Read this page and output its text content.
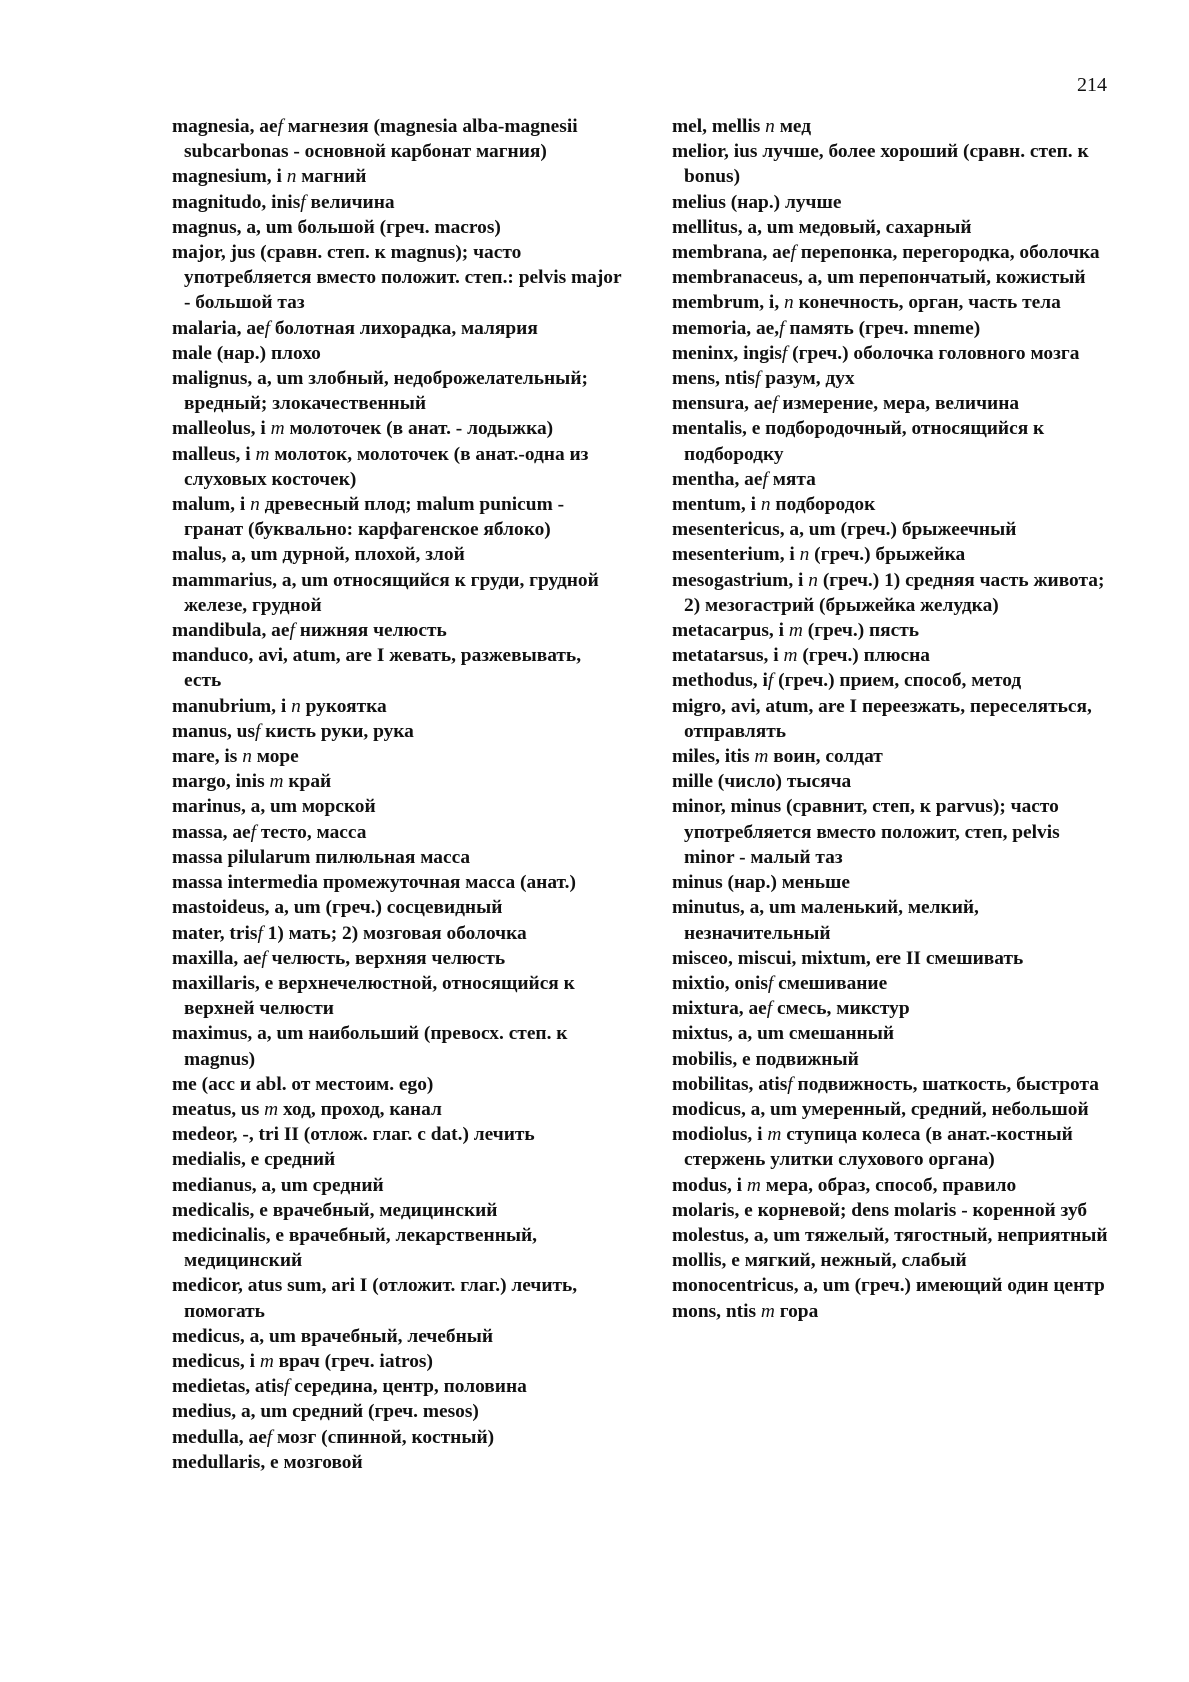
214
magnesia, aef магнезия (magnesia alba-magnesii subcarbonas - основной карбонат магния)
magnesium, i n магний
magnitudo, inisf величина
magnus, a, um большой (греч. macros)
major, jus (сравн. степ. к magnus); часто употребляется вместо положит. степ.: pelvis major - большой таз
malaria, aef болотная лихорадка, малярия
male (нар.) плохо
malignus, a, um злобный, недоброжелательный; вредный; злокачественный
malleolus, i m молоточек (в анат. - лодыжка)
malleus, i m молоток, молоточек (в анат.-одна из слуховых косточек)
malum, i n древесный плод; malum punicum - гранат (буквально: карфагенское яблоко)
malus, a, um дурной, плохой, злой
mammarius, a, um относящийся к груди, грудной железе, грудной
mandibula, aef нижняя челюсть
manduco, avi, atum, are I жевать, разжевывать, есть
manubrium, i n рукоятка
manus, usf кисть руки, рука
mare, is n море
margo, inis m край
marinus, a, um морской
massa, aef тесто, масса
massa pilularum пилюльная масса
massa intermedia промежуточная масса (анат.)
mastoideus, a, um (греч.) сосцевидный
mater, trisf 1) мать; 2) мозговая оболочка
maxilla, aef челюсть, верхняя челюсть
maxillaris, e верхнечелюстной, относящийся к верхней челюсти
maximus, a, um наибольший (превосх. степ. к magnus)
me (acc и abl. от местоим. ego)
meatus, us m ход, проход, канал
medeor, -, tri II (отлож. глаг. с dat.) лечить
medialis, e средний
medianus, a, um средний
medicalis, e врачебный, медицинский
medicinalis, e врачебный, лекарственный, медицинский
medicor, atus sum, ari I (отложит. глаг.) лечить, помогать
medicus, a, um врачебный, лечебный
medicus, i m врач (греч. iatros)
medietas, atisf середина, центр, половина
medius, a, um средний (греч. mesos)
medulla, aef мозг (спинной, костный)
medullaris, e мозговой
mel, mellis n мед
melior, ius лучше, более хороший (сравн. степ. к bonus)
melius (нар.) лучше
mellitus, a, um медовый, сахарный
membrana, aef перепонка, перегородка, оболочка
membranaceus, a, um перепончатый, кожистый
membrum, i, n конечность, орган, часть тела
memoria, ae,f память (греч. mneme)
meninx, ingisf (греч.) оболочка головного мозга
mens, ntisf разум, дух
mensura, aef измерение, мера, величина
mentalis, e подбородочный, относящийся к подбородку
mentha, aef мята
mentum, i n подбородок
mesentericus, a, um (греч.) брыжеечный
mesenterium, i n (греч.) брыжейка
mesogastrium, i n (греч.) 1) средняя часть живота; 2) мезогастрий (брыжейка желудка)
metacarpus, i m (греч.) пясть
metatarsus, i m (греч.) плюсна
methodus, if (греч.) прием, способ, метод
migro, avi, atum, are I переезжать, переселяться, отправлять
miles, itis m воин, солдат
mille (число) тысяча
minor, minus (сравнит, степ, к parvus); часто употребляется вместо положит, степ, pelvis minor - малый таз
minus (нар.) меньше
minutus, a, um маленький, мелкий, незначительный
misceo, miscui, mixtum, ere II смешивать
mixtio, onisf смешивание
mixtura, aef смесь, микстур
mixtus, a, um смешанный
mobilis, e подвижный
mobilitas, atisf подвижность, шаткость, быстрота
modicus, a, um умеренный, средний, небольшой
modiolus, i m ступица колеса (в анат.-костный стержень улитки слухового органа)
modus, i m мера, образ, способ, правило
molaris, e корневой; dens molaris - коренной зуб
molestus, a, um тяжелый, тягостный, неприятный
mollis, e мягкий, нежный, слабый
monocentricus, a, um (греч.) имеющий один центр
mons, ntis m гора
